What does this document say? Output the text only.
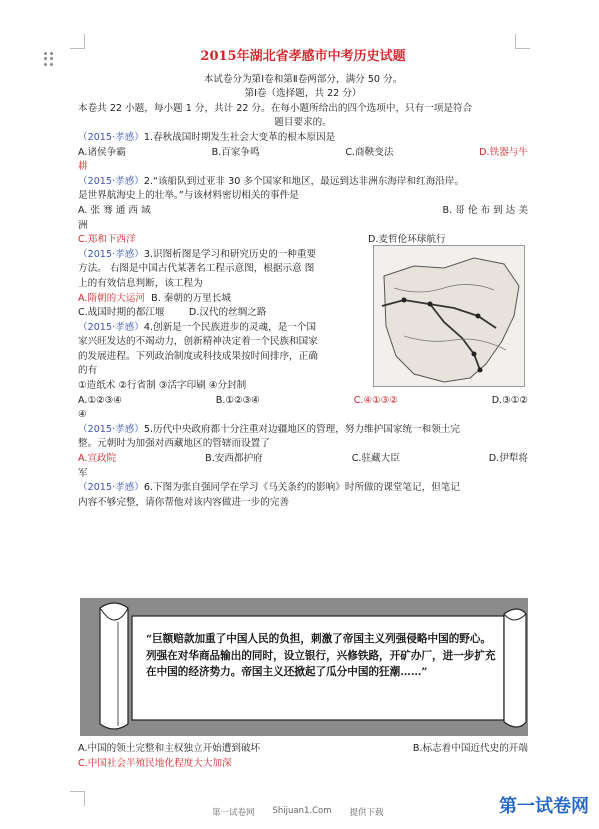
2015年湖北省孝感市中考历史试题
本试卷分为第Ⅰ卷和第Ⅱ卷两部分，满分 50 分。
第Ⅰ卷（选择题，共 22 分）
本卷共 22 小题，每小题 1 分，共计 22 分。在每小题所给出的四个选项中，只有一项是符合
题目要求的。
（2015·孝感）1.春秋战国时期发生社会大变革的根本原因是
A.诸侯争霸	B.百家争鸣	C.商鞅变法	D.铁器与牛
耕
（2015·孝感）2.“该船队到过亚非 30 多个国家和地区，最远到达非洲东海岸和红海沿岸。
是世界航海史上的壮举。”与该材料密切相关的事件是
A. 张 骞 通 西 域	B. 哥 伦 布 到 达 美
洲
C.郑和下西洋	D.麦哲伦环球航行
（2015·孝感）3.识图析图是学习和研究历史的一种重要
方法。 右图是中国古代某著名工程示意图，根据示意 图
上的有效信息判断，该工程为
A.隋朝的大运河 B. 秦朝的万里长城
C.战国时期的都江堰	D.汉代的丝绸之路
（2015·孝感）4.创新是一个民族进步的灵魂，是一个国
家兴旺发达的不竭动力，创新精神决定着一个民族和国家
的发展进程。下列政治制度或科技成果按时间排序，正确
的有
①造纸术 ②行省制 ③活字印刷 ④分封制
A.①②③④	B.①②③④	C.④①③②	D.③①②
④
（2015·孝感）5.历代中央政府都十分注重对边疆地区的管理，努力维护国家统一和领土完
整。元朝时为加强对西藏地区的管辖而设置了
A.宣政院	B.安西都护府	C.驻藏大臣	D.伊犁将
军
（2015·孝感）6.下图为张自强同学在学习《马关条约的影响》时所做的课堂笔记，但笔记
内容不够完整，请你帮他对该内容做进一步的完善
“巨额赔款加重了中国人民的负担，刺激了帝国主义列强侵略中国的野心。列强在对华商品输出的同时，设立银行，兴修铁路，开矿办厂，进一步扩充在中国的经济势力。帝国主义还掀起了瓜分中国的狂潮……”
A.中国的领土完整和主权独立开始遭到破坏	B.标志着中国近代史的开端
C.中国社会半殖民地化程度大大加深
第一试卷网 Shijuan1.Com 提供下载	第一试卷网
